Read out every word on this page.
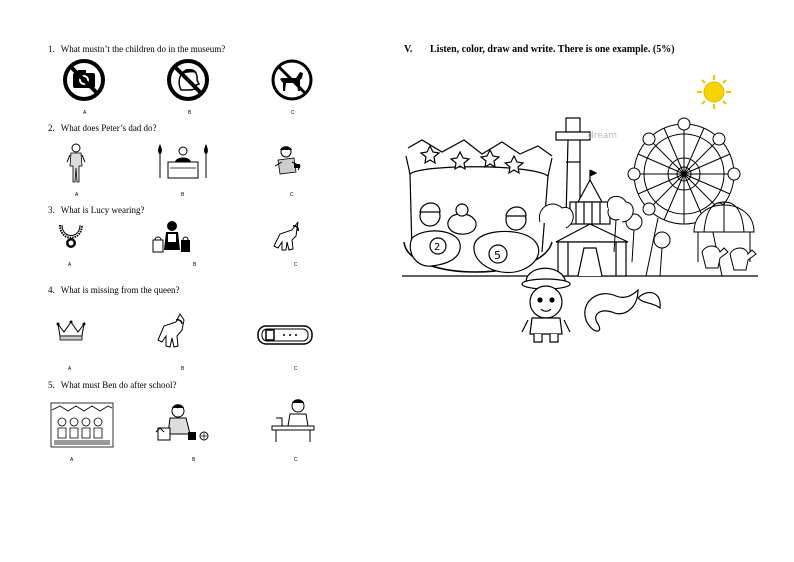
1. What mustn’t the children do in the museum?
A	B	C
2. What does Peter’s dad do?
A	B	C
3. What is Lucy wearing?
A	B	C
4. What is missing from the queen?
A	B	C
5. What must Ben do after school?
A	B	C
V. Listen, color, draw and write. There is one example. (5%)
2
5
dream
